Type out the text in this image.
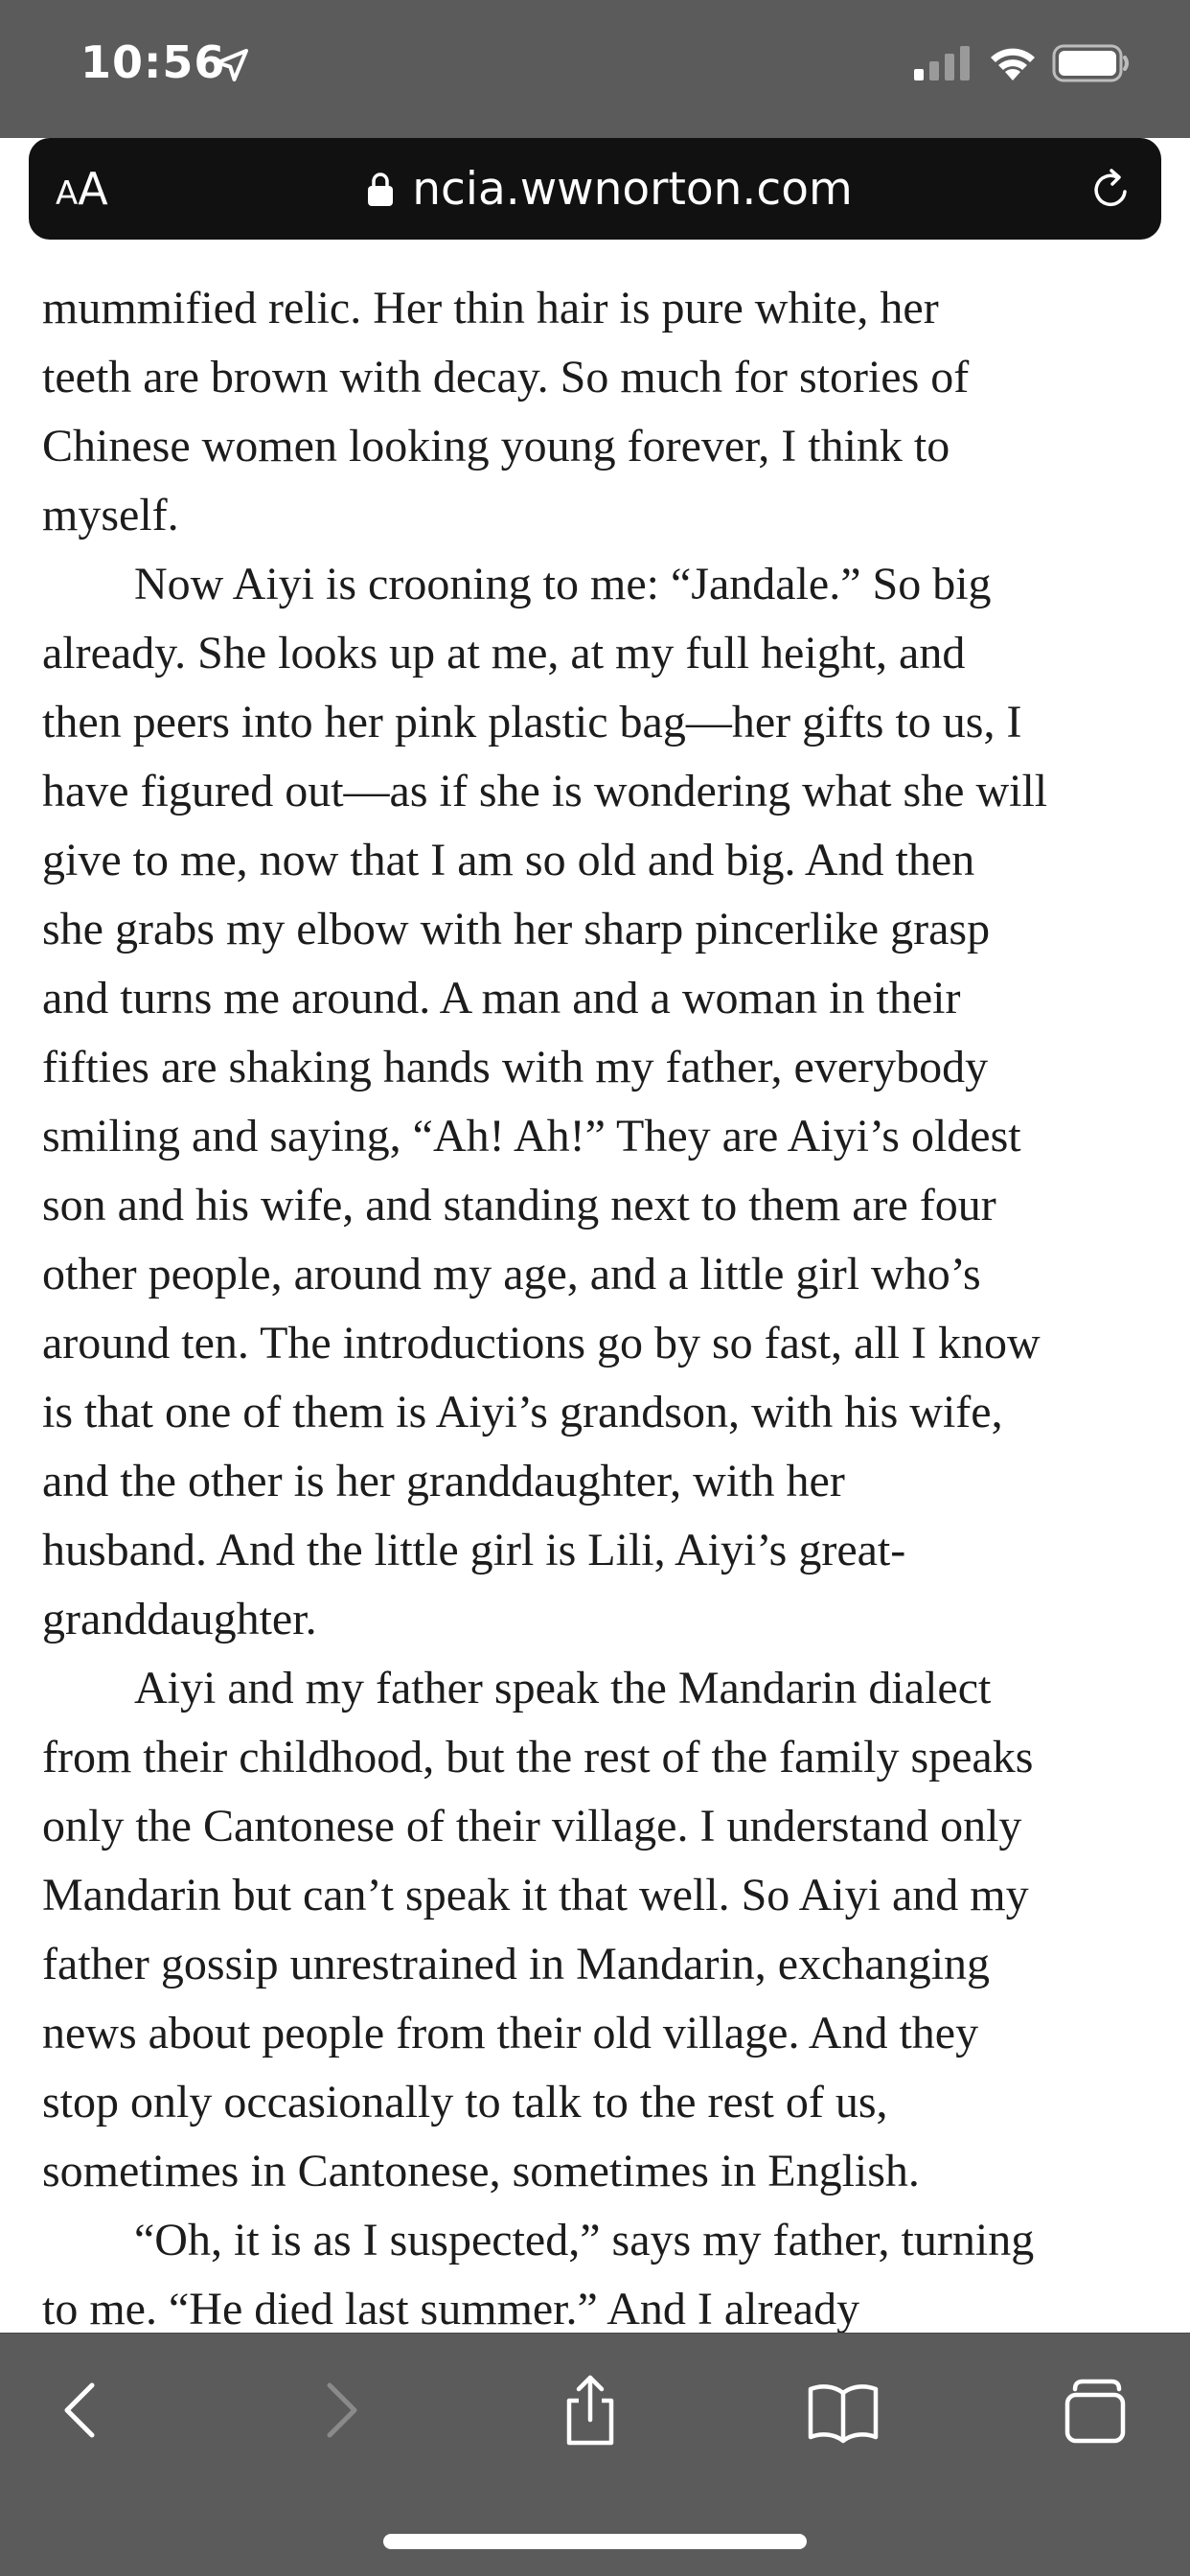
10:56
AA	ncia.wwnorton.com

mummified relic. Her thin hair is pure white, her
teeth are brown with decay. So much for stories of
Chinese women looking young forever, I think to
myself.

Now Aiyi is crooning to me: “Jandale.” So big
already. She looks up at me, at my full height, and
then peers into her pink plastic bag—her gifts to us, I
have figured out—as if she is wondering what she will
give to me, now that I am so old and big. And then
she grabs my elbow with her sharp pincerlike grasp
and turns me around. A man and a woman in their
fifties are shaking hands with my father, everybody
smiling and saying, “Ah! Ah!” They are Aiyi’s oldest
son and his wife, and standing next to them are four
other people, around my age, and a little girl who’s
around ten. The introductions go by so fast, all I know
is that one of them is Aiyi’s grandson, with his wife,
and the other is her granddaughter, with her
husband. And the little girl is Lili, Aiyi’s great-
granddaughter.

Aiyi and my father speak the Mandarin dialect
from their childhood, but the rest of the family speaks
only the Cantonese of their village. I understand only
Mandarin but can’t speak it that well. So Aiyi and my
father gossip unrestrained in Mandarin, exchanging
news about people from their old village. And they
stop only occasionally to talk to the rest of us,
sometimes in Cantonese, sometimes in English.

“Oh, it is as I suspected,” says my father, turning
to me. “He died last summer.” And I already
